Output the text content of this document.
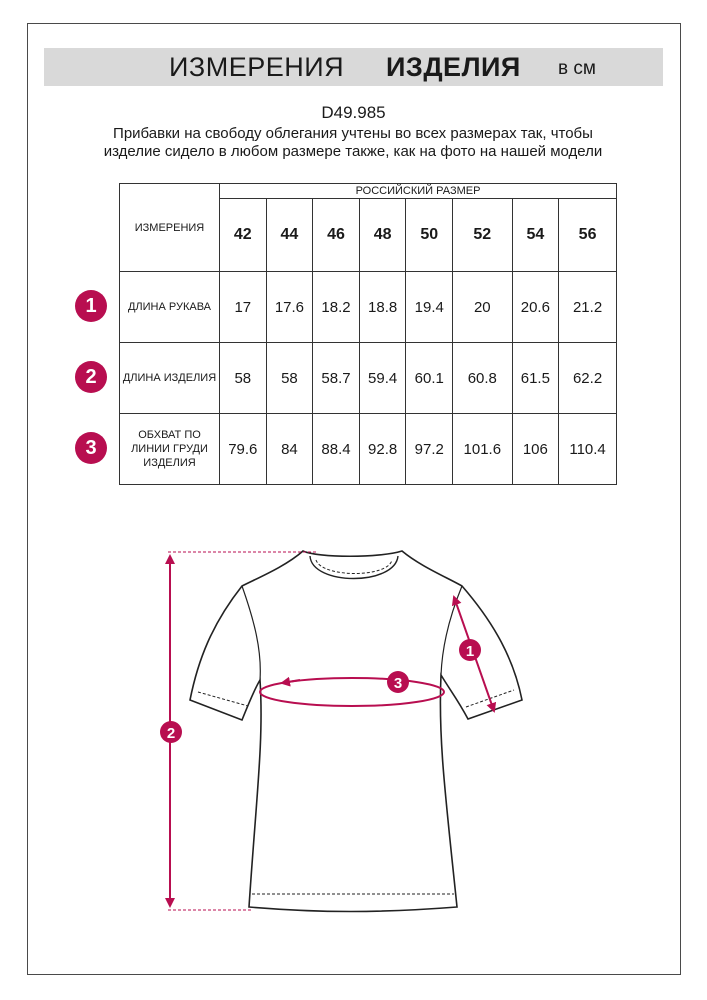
ИЗМЕРЕНИЯ ИЗДЕЛИЯ в см
D49.985
Прибавки на свободу облегания учтены во всех размерах так, чтобы изделие сидело в любом размере также, как на фото на нашей модели
ИЗМЕРЕНИЯ	РОССИЙСКИЙ РАЗМЕР							
	42	44	46	48	50	52	54	56
ДЛИНА РУКАВА	17	17.6	18.2	18.8	19.4	20	20.6	21.2
ДЛИНА ИЗДЕЛИЯ	58	58	58.7	59.4	60.1	60.8	61.5	62.2
ОБХВАТ ПО ЛИНИИ ГРУДИ ИЗДЕЛИЯ	79.6	84	88.4	92.8	97.2	101.6	106	110.4
1
2
3
2
3
1
